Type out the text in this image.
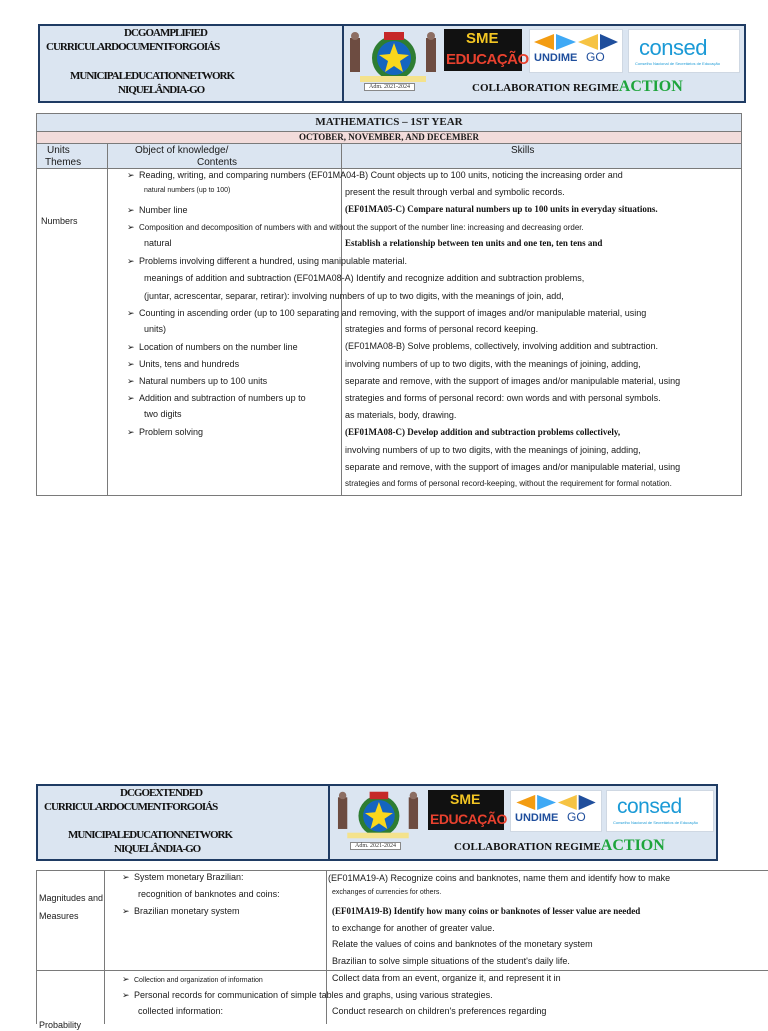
DCGOAMPLIFIED
CURRICULARDOCUMENTFORGOIÁS
MUNICIPALEDUCATIONNETWORK
NIQUELÂNDIA-GO	Adm. 2021-2024
SME
EDUCAÇÃO UNDIME GO consed
Conselho Nacional de Secretários de Educação
COLLABORATION REGIMEACTION
MATHEMATICS – 1ST YEAR
OCTOBER, NOVEMBER, AND DECEMBER
Units
Themes
Object of knowledge/
Contents
Skills
Numbers
➢ Reading, writing, and comparing numbers (EF01MA04-B) Count objects up to 100 units, noticing the increasing order and
natural numbers (up to 100)
➢ Number line
➢ Composition and decomposition of numbers with and without the support of the number line: increasing and decreasing order.
natural
➢ Problems involving different a hundred, using manipulable material.
meanings of addition and subtraction (EF01MA08-A) Identify and recognize addition and subtraction problems,
(juntar, acrescentar, separar, retirar): involving numbers of up to two digits, with the meanings of join, add,
➢ Counting in ascending order (up to 100 separating and removing, with the support of images and/or manipulable material, using
units)
➢ Location of numbers on the number line
➢ Units, tens and hundreds
➢ Natural numbers up to 100 units
➢ Addition and subtraction of numbers up to
two digits
➢ Problem solving
present the result through verbal and symbolic records.
(EF01MA05-C) Compare natural numbers up to 100 units in everyday situations.
Establish a relationship between ten units and one ten, ten tens and
strategies and forms of personal record keeping.
(EF01MA08-B) Solve problems, collectively, involving addition and subtraction.
involving numbers of up to two digits, with the meanings of joining, adding,
separate and remove, with the support of images and/or manipulable material, using
strategies and forms of personal record: own words and with personal symbols.
as materials, body, drawing.
(EF01MA08-C) Develop addition and subtraction problems collectively,
involving numbers of up to two digits, with the meanings of joining, adding,
separate and remove, with the support of images and/or manipulable material, using
strategies and forms of personal record-keeping, without the requirement for formal notation.
DCGOEXTENDED
CURRICULARDOCUMENTFORGOIÁS
MUNICIPALEDUCATIONNETWORK
NIQUELÂNDIA-GO	Adm. 2021-2024
SME
EDUCAÇÃO UNDIME GO consed
Conselho Nacional de Secretários de Educação
COLLABORATION REGIMEACTION
Magnitudes and
Measures
Probability
➢ System monetary Brazilian:
recognition of banknotes and coins:
➢ Brazilian monetary system
(EF01MA19-A) Recognize coins and banknotes, name them and identify how to make
exchanges of currencies for others.
(EF01MA19-B) Identify how many coins or banknotes of lesser value are needed
to exchange for another of greater value.
Relate the values of coins and banknotes of the monetary system
Brazilian to solve simple situations of the student's daily life.
➢ Collection and organization of information
➢ Personal records for communication of simple tables and graphs, using various strategies.
collected information:
Collect data from an event, organize it, and represent it in
Conduct research on children's preferences regarding
